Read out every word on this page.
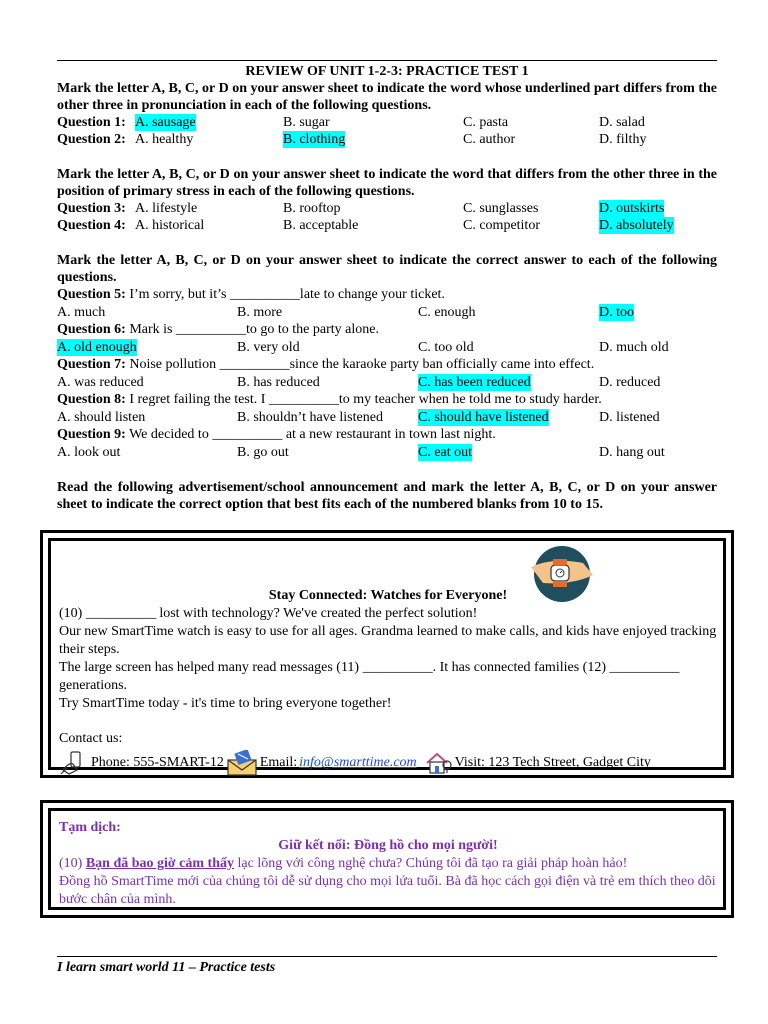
REVIEW OF UNIT 1-2-3: PRACTICE TEST 1
Mark the letter A, B, C, or D on your answer sheet to indicate the word whose underlined part differs from the other three in pronunciation in each of the following questions.
Question 1: A. sausage	B. sugar	C. pasta	D. salad
Question 2: A. healthy	B. clothing	C. author	D. filthy
Mark the letter A, B, C, or D on your answer sheet to indicate the word that differs from the other three in the position of primary stress in each of the following questions.
Question 3: A. lifestyle	B. rooftop	C. sunglasses	D. outskirts
Question 4: A. historical	B. acceptable	C. competitor	D. absolutely
Mark the letter A, B, C, or D on your answer sheet to indicate the correct answer to each of the following questions.
Question 5: I’m sorry, but it’s __________late to change your ticket.
A. much	B. more	C. enough	D. too
Question 6: Mark is __________to go to the party alone.
A. old enough	B. very old	C. too old	D. much old
Question 7: Noise pollution __________since the karaoke party ban officially came into effect.
A. was reduced	B. has reduced	C. has been reduced	D. reduced
Question 8: I regret failing the test. I __________to my teacher when he told me to study harder.
A. should listen	B. shouldn’t have listened	C. should have listened	D. listened
Question 9: We decided to __________ at a new restaurant in town last night.
A. look out	B. go out	C. eat out	D. hang out
Read the following advertisement/school announcement and mark the letter A, B, C, or D on your answer sheet to indicate the correct option that best fits each of the numbered blanks from 10 to 15.
Stay Connected: Watches for Everyone!
(10) __________ lost with technology? We've created the perfect solution!
Our new SmartTime watch is easy to use for all ages. Grandma learned to make calls, and kids have enjoyed tracking their steps.
The large screen has helped many read messages (11) __________. It has connected families (12) __________ generations.
Try SmartTime today - it's time to bring everyone together!
Contact us:
Phone: 555-SMART-12	Email: info@smarttime.com	Visit: 123 Tech Street, Gadget City
Tạm dịch:
Giữ kết nối: Đồng hồ cho mọi người!
(10) Bạn đã bao giờ cảm thấy lạc lõng với công nghệ chưa? Chúng tôi đã tạo ra giải pháp hoàn hảo!
Đồng hồ SmartTime mới của chúng tôi dễ sử dụng cho mọi lứa tuổi. Bà đã học cách gọi điện và trẻ em thích theo dõi bước chân của mình.
I learn smart world 11 – Practice tests
